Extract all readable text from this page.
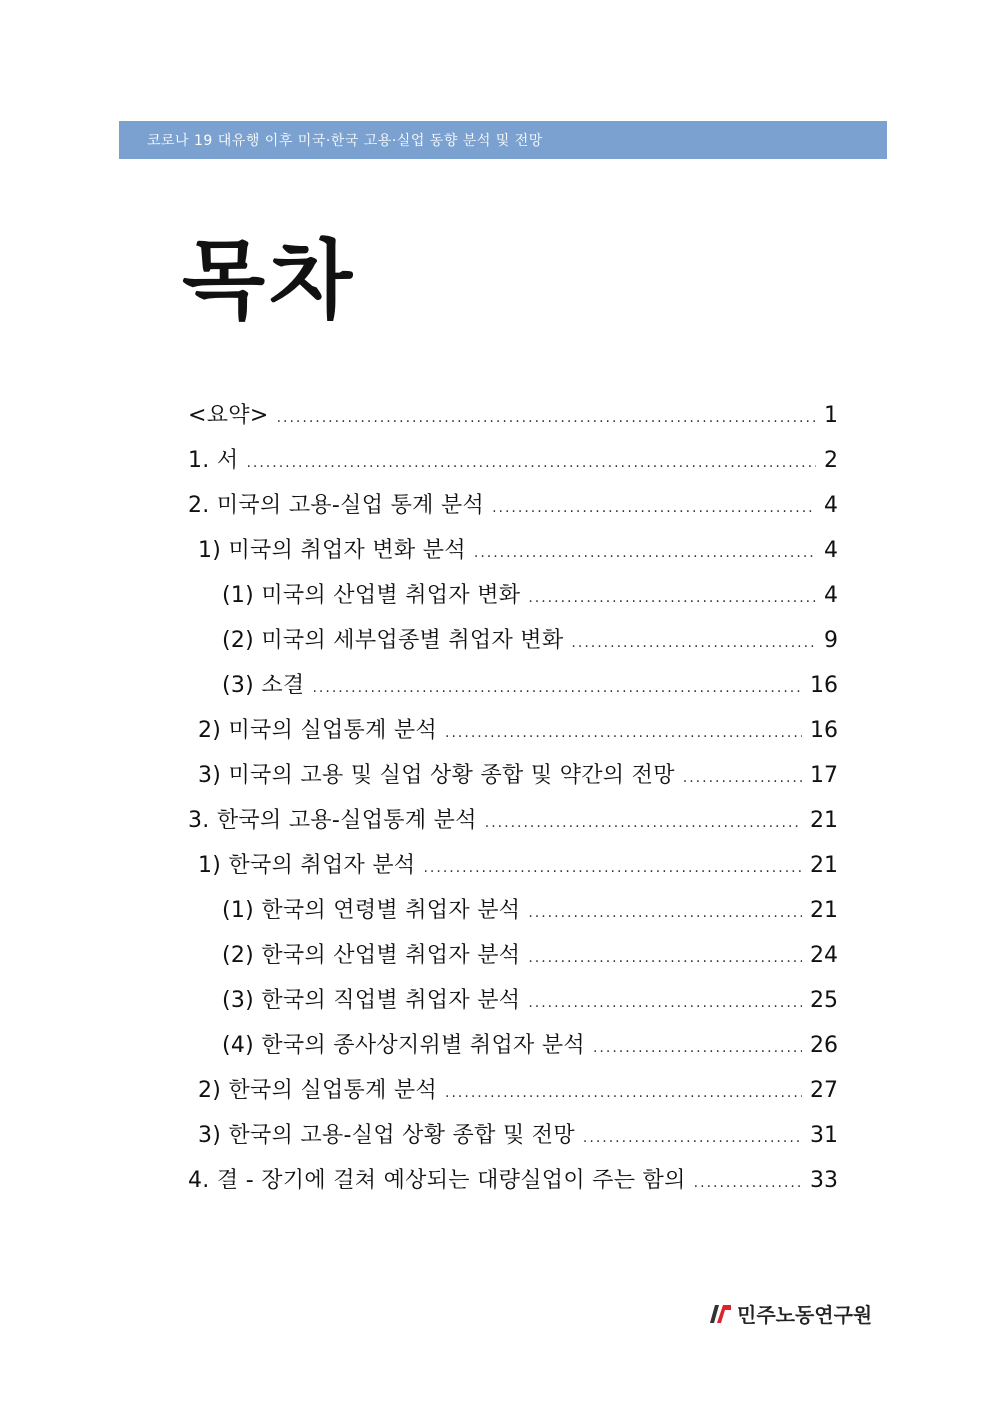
코로나 19 대유행 이후 미국·한국 고용·실업 동향 분석 및 전망
목차
<요약> .....	1
1. 서 .....	2
2. 미국의 고용-실업 통계 분석 .....	4
1) 미국의 취업자 변화 분석 .....	4
(1) 미국의 산업별 취업자 변화 .....	4
(2) 미국의 세부업종별 취업자 변화 .....	9
(3) 소결 .....	16
2) 미국의 실업통계 분석 .....	16
3) 미국의 고용 및 실업 상황 종합 및 약간의 전망 .....	17
3. 한국의 고용-실업통계 분석 .....	21
1) 한국의 취업자 분석 .....	21
(1) 한국의 연령별 취업자 분석 .....	21
(2) 한국의 산업별 취업자 분석 .....	24
(3) 한국의 직업별 취업자 분석 .....	25
(4) 한국의 종사상지위별 취업자 분석 .....	26
2) 한국의 실업통계 분석 .....	27
3) 한국의 고용-실업 상황 종합 및 전망 .....	31
4. 결 - 장기에 걸쳐 예상되는 대량실업이 주는 함의 .....	33
민주노동연구원
